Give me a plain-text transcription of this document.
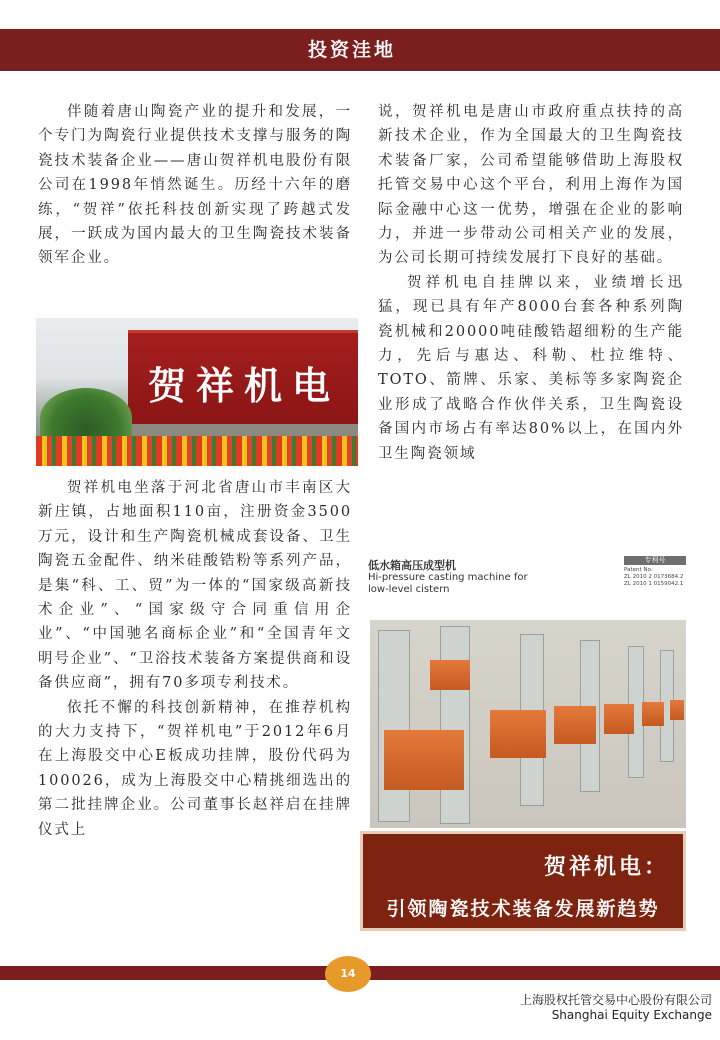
投资洼地

伴随着唐山陶瓷产业的提升和发展，一个专门为陶瓷行业提供技术支撑与服务的陶瓷技术装备企业——唐山贺祥机电股份有限公司在1998年悄然诞生。历经十六年的磨练，“贺祥”依托科技创新实现了跨越式发展，一跃成为国内最大的卫生陶瓷技术装备领军企业。

贺祥机电

贺祥机电坐落于河北省唐山市丰南区大新庄镇，占地面积110亩，注册资金3500万元，设计和生产陶瓷机械成套设备、卫生陶瓷五金配件、纳米硅酸锆粉等系列产品，是集“科、工、贸”为一体的“国家级高新技术企业”、“国家级守合同重信用企业”、“中国驰名商标企业”和“全国青年文明号企业”、“卫浴技术装备方案提供商和设备供应商”，拥有70多项专利技术。

依托不懈的科技创新精神，在推荐机构的大力支持下，“贺祥机电”于2012年6月在上海股交中心E板成功挂牌，股份代码为100026，成为上海股交中心精挑细选出的第二批挂牌企业。公司董事长赵祥启在挂牌仪式上

说，贺祥机电是唐山市政府重点扶持的高新技术企业，作为全国最大的卫生陶瓷技术装备厂家，公司希望能够借助上海股权托管交易中心这个平台，利用上海作为国际金融中心这一优势，增强在企业的影响力，并进一步带动公司相关产业的发展，为公司长期可持续发展打下良好的基础。

贺祥机电自挂牌以来，业绩增长迅猛，现已具有年产8000台套各种系列陶瓷机械和20000吨硅酸锆超细粉的生产能力，先后与惠达、科勒、杜拉维特、TOTO、箭牌、乐家、美标等多家陶瓷企业形成了战略合作伙伴关系，卫生陶瓷设备国内市场占有率达80%以上，在国内外卫生陶瓷领域

低水箱高压成型机
Hi-pressure casting machine for
low-level cistern
专利号
Patent No.
ZL 2010 2 0173684.2
ZL 2010 1 0159042.1
贺祥机电：
引领陶瓷技术装备发展新趋势
14
上海股权托管交易中心股份有限公司
Shanghai Equity Exchange
